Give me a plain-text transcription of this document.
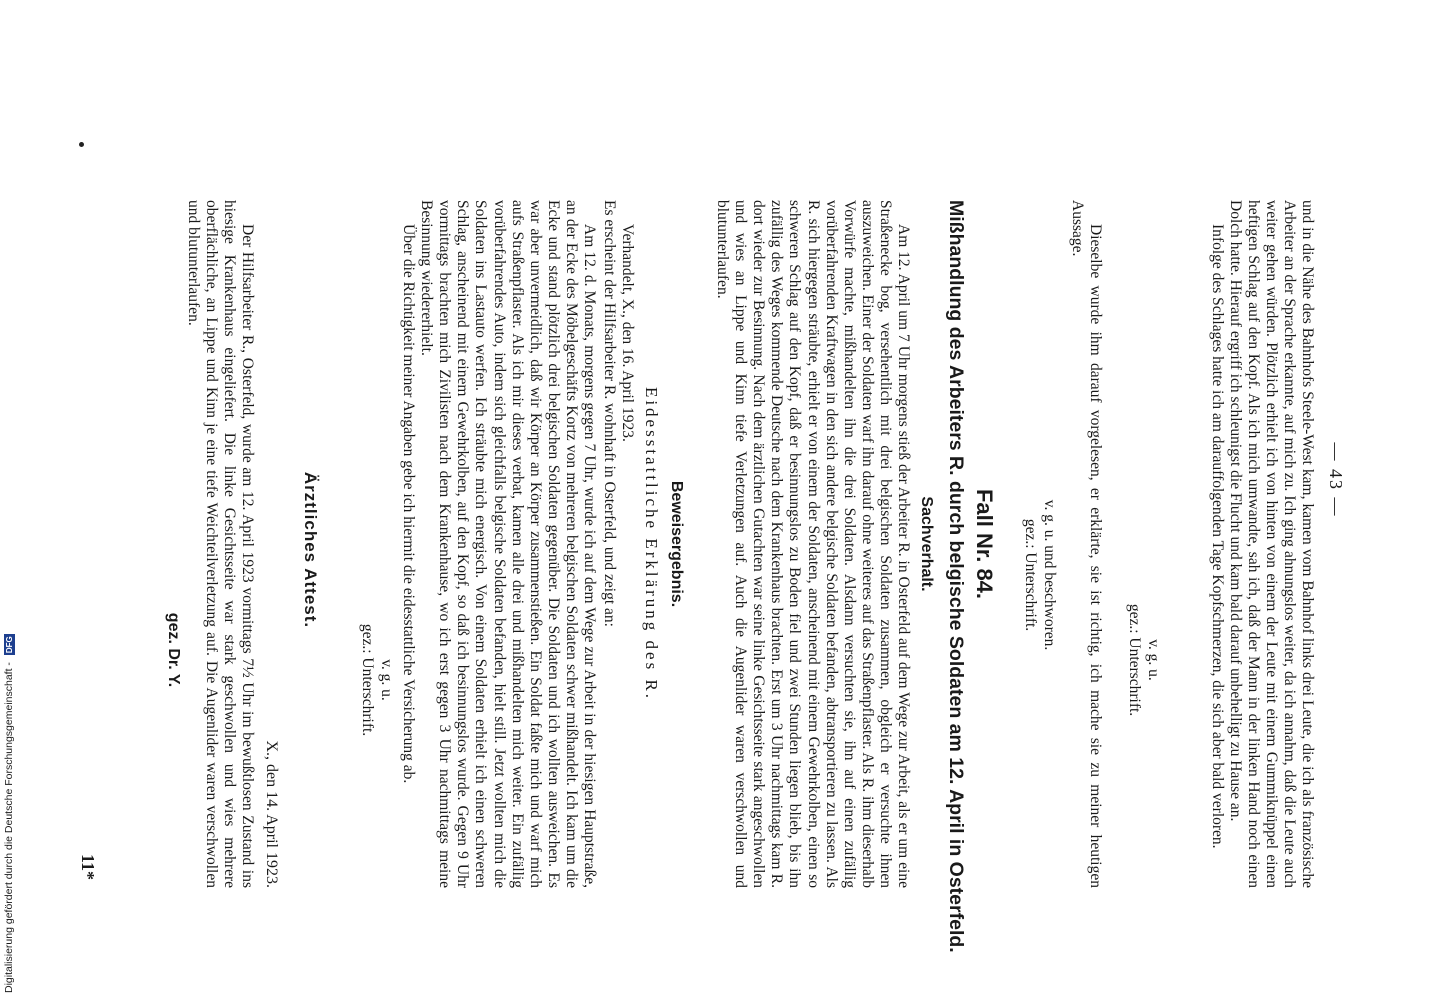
— 43 —

und in die Nähe des Bahnhofs Steele-West kam, kamen vom Bahnhof links drei Leute, die ich als französische Arbeiter an der Sprache erkannte, auf mich zu. Ich ging ahnungslos weiter, da ich annahm, daß die Leute auch weiter gehen würden. Plötzlich erhielt ich von hinten von einem der Leute mit einem Gummiknüppel einen heftigen Schlag auf den Kopf. Als ich mich umwandte, sah ich, daß der Mann in der linken Hand noch einen Dolch hatte. Hierauf ergriff ich schleunigst die Flucht und kam bald darauf unbehelligt zu Hause an.

Infolge des Schlages hatte ich am darauffolgenden Tage Kopfschmerzen, die sich aber bald verloren.

v. g. u.
gez.: Unterschrift.

Dieselbe wurde ihm darauf vorgelesen, er erklärte, sie ist richtig, ich mache sie zu meiner heutigen Aussage.

v. g. u. und beschworen.
gez.: Unterschrift.
Fall Nr. 84.
Mißhandlung des Arbeiters R. durch belgische Soldaten am 12. April in Osterfeld.
Sachverhalt.

Am 12. April um 7 Uhr morgens stieß der Arbeiter R. in Osterfeld auf dem Wege zur Arbeit, als er um eine Straßenecke bog, versehentlich mit drei belgischen Soldaten zusammen, obgleich er versuchte ihnen auszuweichen. Einer der Soldaten warf ihn darauf ohne weiteres auf das Straßenpflaster. Als R. ihm dieserhalb Vorwürfe machte, mißhandelten ihn die drei Soldaten. Alsdann versuchten sie, ihn auf einen zufällig vorüberfahrenden Kraftwagen in den sich andere belgische Soldaten befanden, abtransportieren zu lassen. Als R. sich hiergegen sträubte, erhielt er von einem der Soldaten, anscheinend mit einem Gewehrkolben, einen so schweren Schlag auf den Kopf, daß er besinnungslos zu Boden fiel und zwei Stunden liegen blieb, bis ihn zufällig des Weges kommende Deutsche nach dem Krankenhaus brachten. Erst um 3 Uhr nachmittags kam R. dort wieder zur Besinnung. Nach dem ärztlichen Gutachten war seine linke Gesichtsseite stark angeschwollen und wies an Lippe und Kinn tiefe Verletzungen auf. Auch die Augenlider waren verschwollen und blutunterlaufen.

Beweisergebnis.
Eidesstattliche Erklärung des R.

Verhandelt, X., den 16. April 1923.

Es erscheint der Hilfsarbeiter R. wohnhaft in Osterfeld, und zeigt an:

Am 12. d. Monats, morgens gegen 7 Uhr, wurde ich auf dem Wege zur Arbeit in der hiesigen Hauptstraße, an der Ecke des Möbelgeschäfts Kortz von mehreren belgischen Soldaten schwer mißhandelt. Ich kam um die Ecke und stand plötzlich drei belgischen Soldaten gegenüber. Die Soldaten und ich wollten ausweichen. Es war aber unvermeidlich, daß wir Körper an Körper zusammenstießen. Ein Soldat faßte mich und warf mich aufs Straßenpflaster. Als ich mir dieses verbat, kamen alle drei und mißhandelten mich weiter. Ein zufällig vorüberfahrendes Auto, indem sich gleichfalls belgische Soldaten befanden, hielt still. Jetzt wollten mich die Soldaten ins Lastauto werfen. Ich sträubte mich energisch. Von einem Soldaten erhielt ich einen schweren Schlag, anscheinend mit einem Gewehrkolben, auf den Kopf, so daß ich besinnungslos wurde. Gegen 9 Uhr vormittags brachten mich Zivilisten nach dem Krankenhause, wo ich erst gegen 3 Uhr nachmittags meine Besinnung wiedererhielt.

Über die Richtigkeit meiner Angaben gebe ich hiermit die eidesstattliche Versicherung ab.

v. g. u.
gez.: Unterschrift.
Ärztliches Attest.
X., den 14. April 1923.

Der Hilfsarbeiter R., Osterfeld, wurde am 12. April 1923 vormittags 7½ Uhr im bewußtlosen Zustand ins hiesige Krankenhaus eingeliefert. Die linke Gesichtsseite war stark geschwollen und wies mehrere oberflächliche, an Lippe und Kinn je eine tiefe Weichteilverletzung auf. Die Augenlider waren verschwollen und blutunterlaufen.

gez. Dr. Y.
11*
Digitalisierung gefördert durch die Deutsche Forschungsgemeinschaft - DFG
